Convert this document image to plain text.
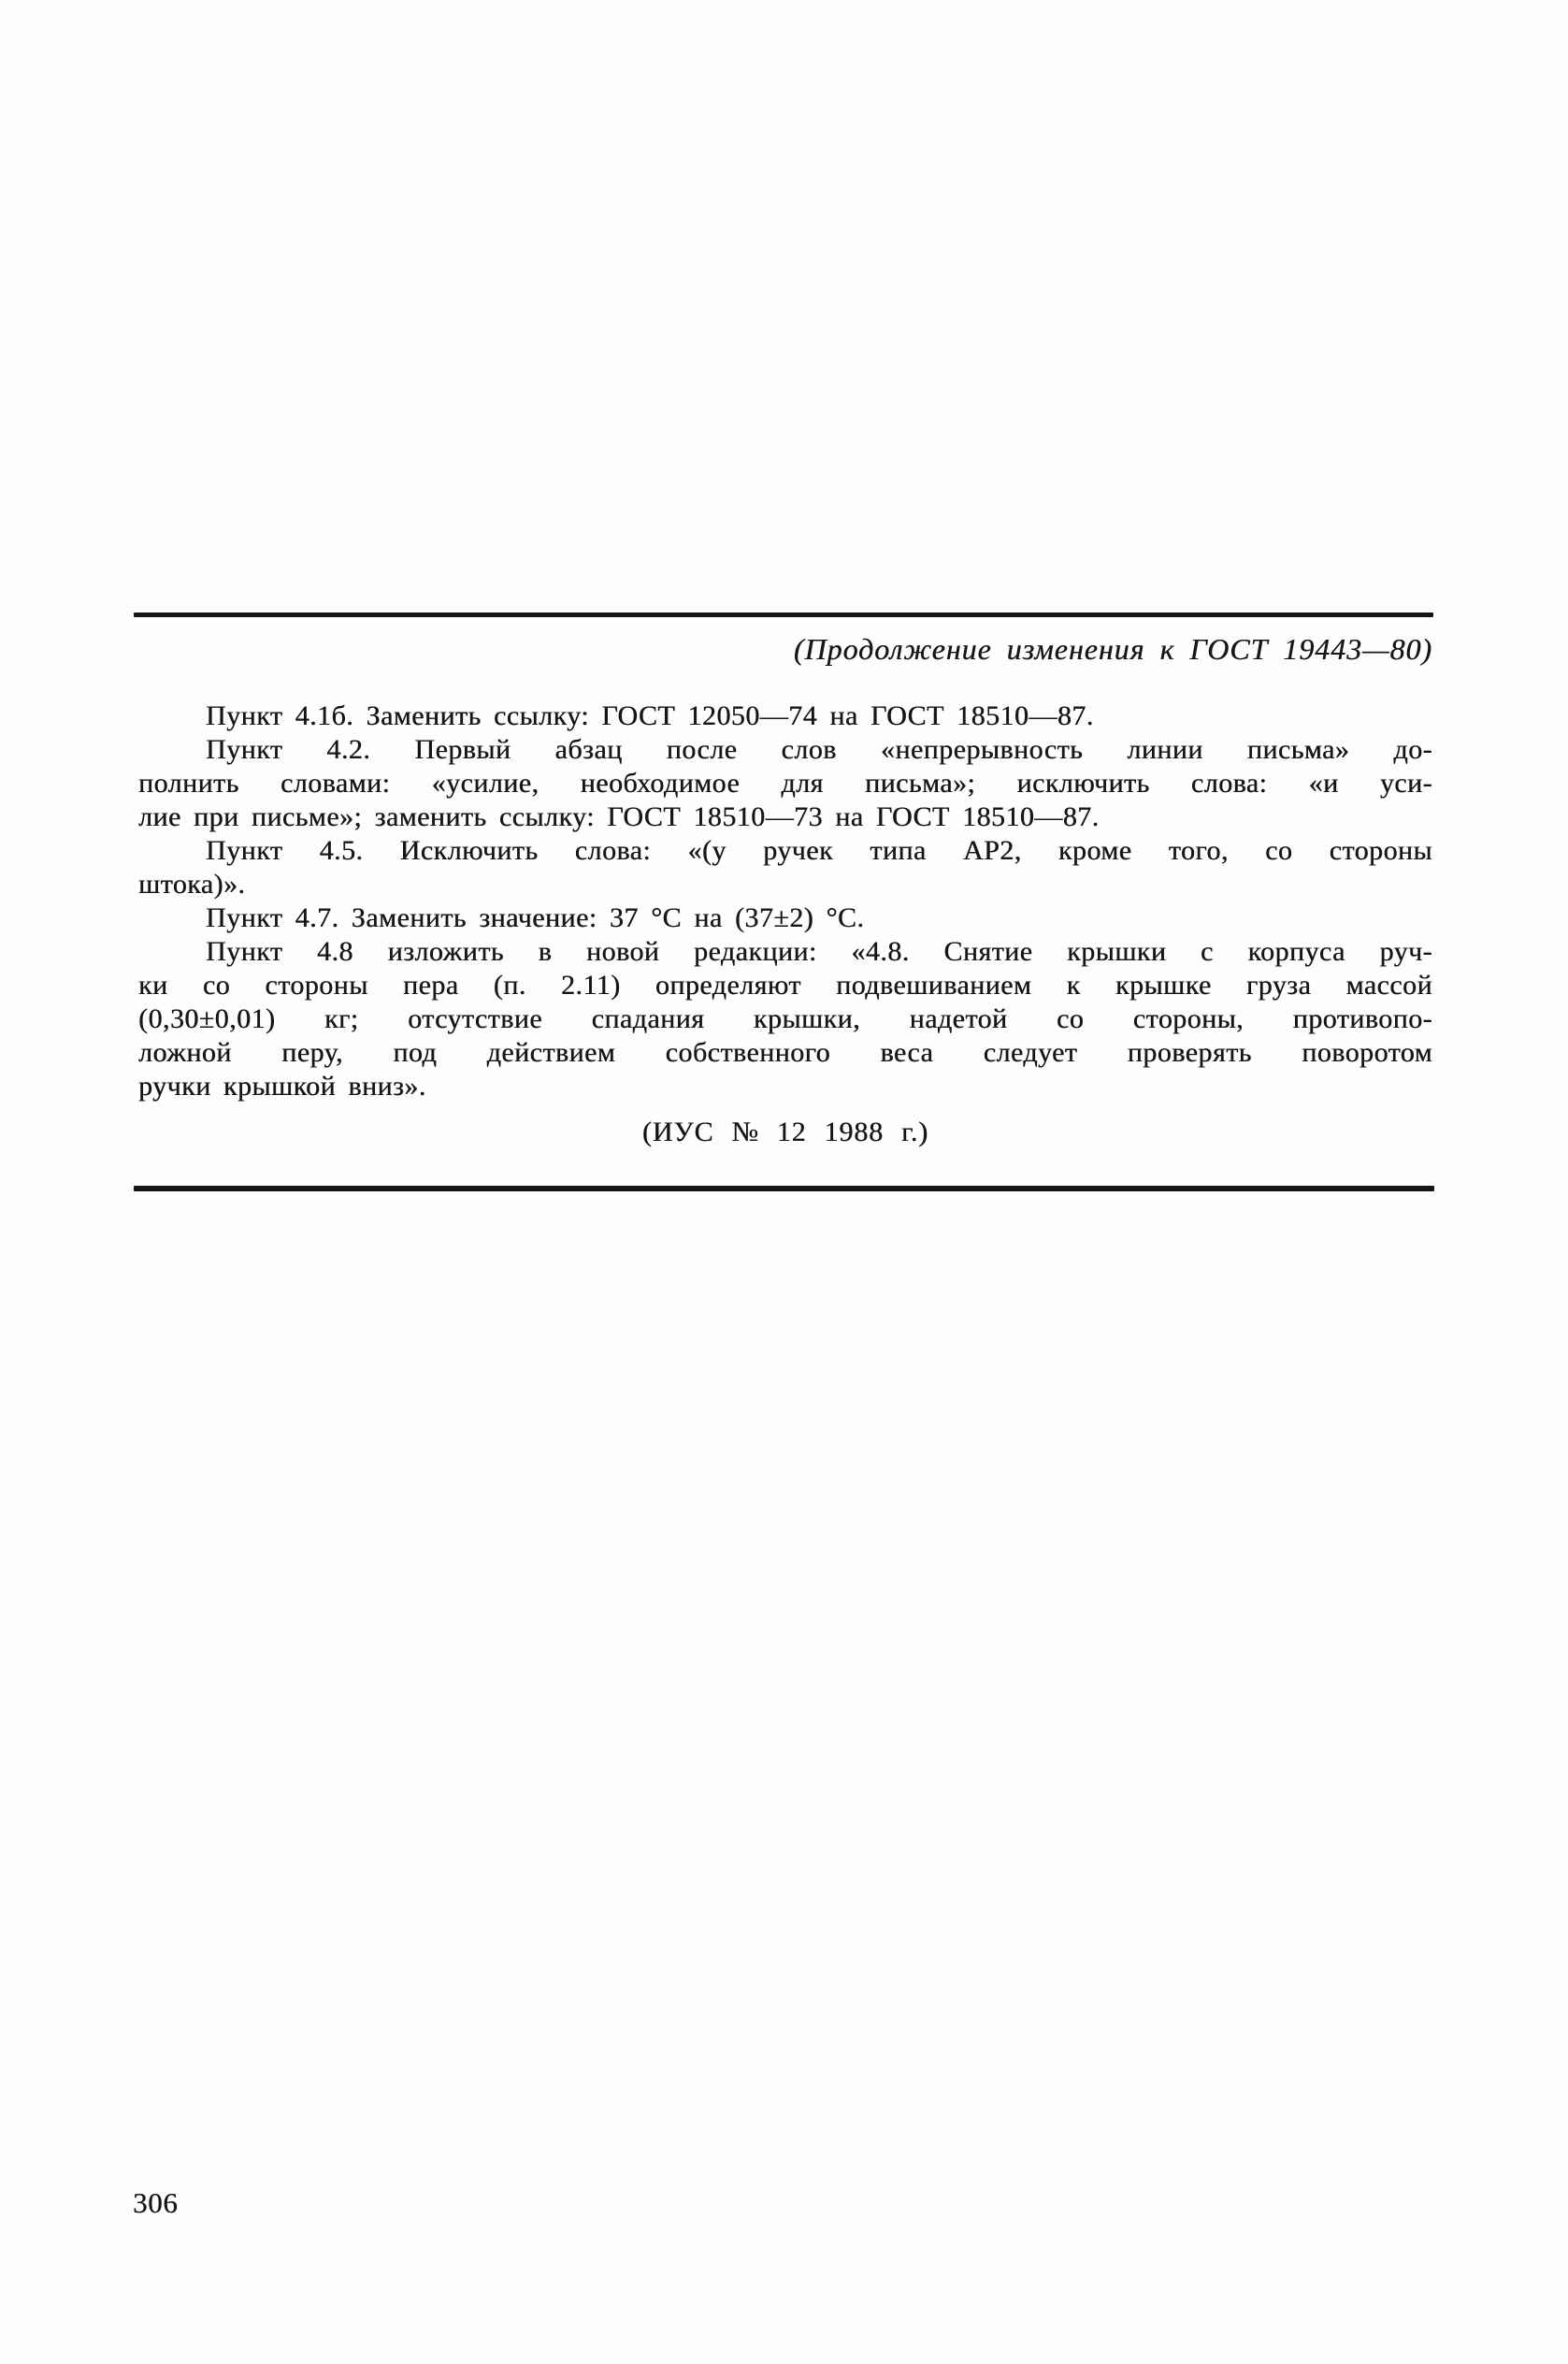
(Продолжение изменения к ГОСТ 19443—80)
Пункт 4.1б. Заменить ссылку: ГОСТ 12050—74 на ГОСТ 18510—87.
Пункт 4.2. Первый абзац после слов «непрерывность линии письма» до-
полнить словами: «усилие, необходимое для письма»; исключить слова: «и уси-
лие при письме»; заменить ссылку: ГОСТ 18510—73 на ГОСТ 18510—87.
Пункт 4.5. Исключить слова: «(у ручек типа АР2, кроме того, со стороны
штока)».
Пункт 4.7. Заменить значение: 37 °С на (37±2) °С.
Пункт 4.8 изложить в новой редакции: «4.8. Снятие крышки с корпуса руч-
ки со стороны пера (п. 2.11) определяют подвешиванием к крышке груза массой
(0,30±0,01) кг; отсутствие спадания крышки, надетой со стороны, противопо-
ложной перу, под действием собственного веса следует проверять поворотом
ручки крышкой вниз».
(ИУС № 12 1988 г.)
306
